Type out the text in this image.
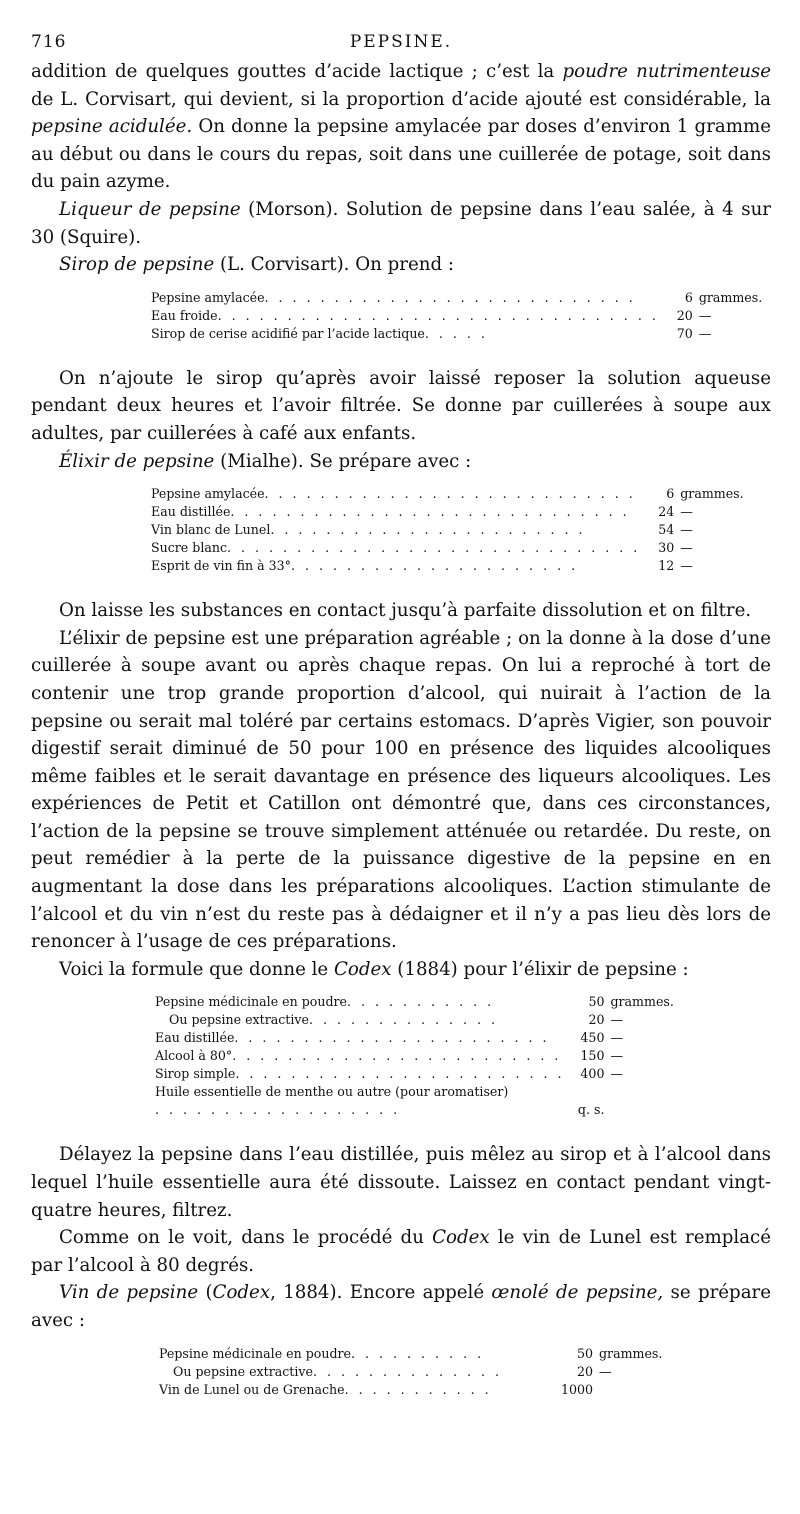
716	PEPSINE.

addition de quelques gouttes d’acide lactique ; c’est la poudre nutrimenteuse de L. Corvisart, qui devient, si la proportion d’acide ajouté est considérable, la pepsine acidulée. On donne la pepsine amylacée par doses d’environ 1 gramme au début ou dans le cours du repas, soit dans une cuillerée de potage, soit dans du pain azyme.

Liqueur de pepsine (Morson). Solution de pepsine dans l’eau salée, à 4 sur 30 (Squire).

Sirop de pepsine (L. Corvisart). On prend :

Pepsine amylacée. . . . . . . . . . . . . . . . . . . . . . . . . . .	6	grammes.
Eau froide. . . . . . . . . . . . . . . . . . . . . . . . . . . . . . . .	20	—
Sirop de cerise acidifié par l’acide lactique. . . . .	70	—

On n’ajoute le sirop qu’après avoir laissé reposer la solution aqueuse pendant deux heures et l’avoir filtrée. Se donne par cuillerées à soupe aux adultes, par cuillerées à café aux enfants.

Élixir de pepsine (Mialhe). Se prépare avec :

Pepsine amylacée. . . . . . . . . . . . . . . . . . . . . . . . . . .	6	grammes.
Eau distillée. . . . . . . . . . . . . . . . . . . . . . . . . . . . .	24	—
Vin blanc de Lunel. . . . . . . . . . . . . . . . . . . . . . .	54	—
Sucre blanc. . . . . . . . . . . . . . . . . . . . . . . . . . . . . .	30	—
Esprit de vin fin à 33°. . . . . . . . . . . . . . . . . . . . .	12	—

On laisse les substances en contact jusqu’à parfaite dissolution et on filtre.

L’élixir de pepsine est une préparation agréable ; on la donne à la dose d’une cuillerée à soupe avant ou après chaque repas. On lui a reproché à tort de contenir une trop grande proportion d’alcool, qui nuirait à l’action de la pepsine ou serait mal toléré par certains estomacs. D’après Vigier, son pouvoir digestif serait diminué de 50 pour 100 en présence des liquides alcooliques même faibles et le serait davantage en présence des liqueurs alcooliques. Les expériences de Petit et Catillon ont démontré que, dans ces circonstances, l’action de la pepsine se trouve simplement atténuée ou retardée. Du reste, on peut remédier à la perte de la puissance digestive de la pepsine en en augmentant la dose dans les préparations alcooliques. L’action stimulante de l’alcool et du vin n’est du reste pas à dédaigner et il n’y a pas lieu dès lors de renoncer à l’usage de ces préparations.

Voici la formule que donne le Codex (1884) pour l’élixir de pepsine :

Pepsine médicinale en poudre. . . . . . . . . . .	50	grammes.
Ou pepsine extractive. . . . . . . . . . . . . .	20	—
Eau distillée. . . . . . . . . . . . . . . . . . . . . . .	450	—
Alcool à 80°. . . . . . . . . . . . . . . . . . . . . . . .	150	—
Sirop simple. . . . . . . . . . . . . . . . . . . . . . . .	400	—
Huile essentielle de menthe ou autre (pour aromatiser). . . . . . . . . . . . . . . . . .	q. s.	

Délayez la pepsine dans l’eau distillée, puis mêlez au sirop et à l’alcool dans lequel l’huile essentielle aura été dissoute. Laissez en contact pendant vingt-quatre heures, filtrez.

Comme on le voit, dans le procédé du Codex le vin de Lunel est remplacé par l’alcool à 80 degrés.

Vin de pepsine (Codex, 1884). Encore appelé œnolé de pepsine, se prépare avec :

Pepsine médicinale en poudre. . . . . . . . . .	50	grammes.
Ou pepsine extractive. . . . . . . . . . . . . .	20	—
Vin de Lunel ou de Grenache. . . . . . . . . . .	1000	
